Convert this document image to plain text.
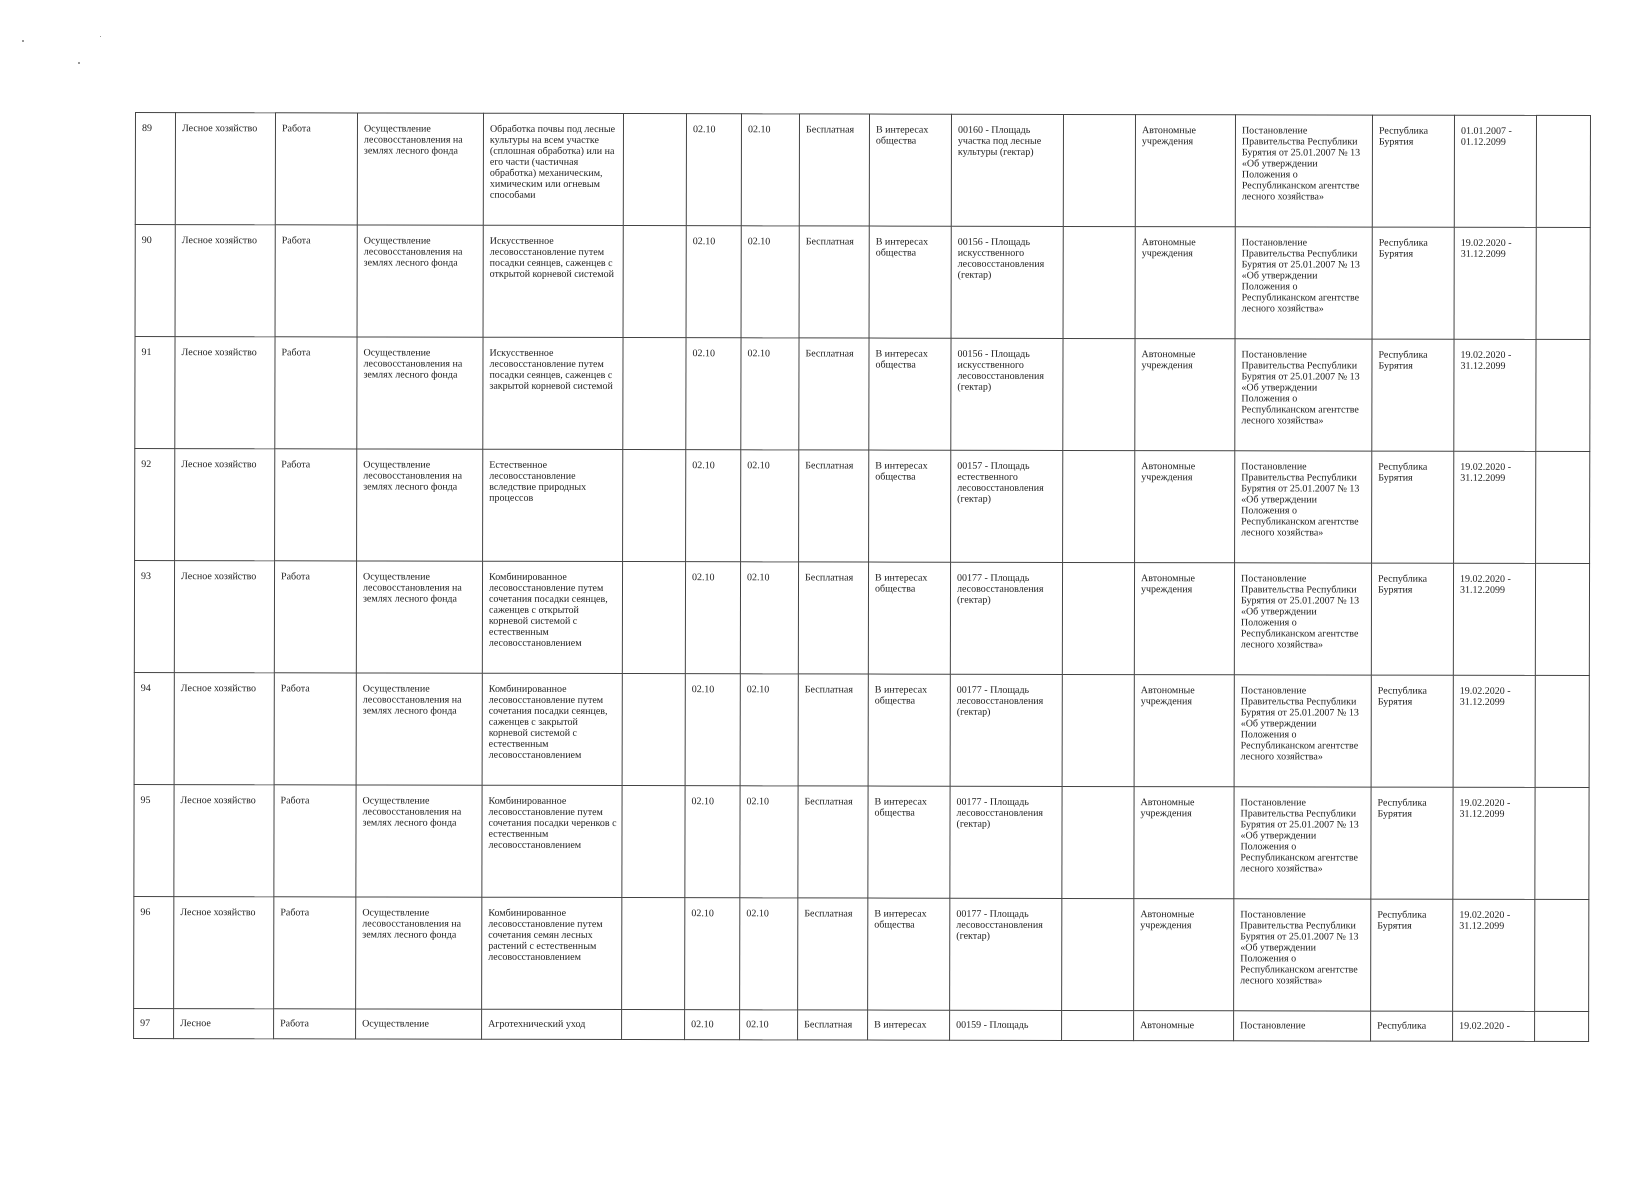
89	Лесное хозяйство	Работа	Осуществление лесовосстановления на землях лесного фонда	Обработка почвы под лесные культуры на всем участке (сплошная обработка) или на его части (частичная обработка) механическим, химическим или огневым способами		02.10	02.10	Бесплатная	В интересах общества	00160 - Площадь участка под лесные культуры (гектар)		Автономные учреждения	Постановление Правительства Республики Бурятия от 25.01.2007 № 13 «Об утверждении Положения о Республиканском агентстве лесного хозяйства»	Республика Бурятия	01.01.2007 - 01.12.2099	
90	Лесное хозяйство	Работа	Осуществление лесовосстановления на землях лесного фонда	Искусственное лесовосстановление путем посадки сеянцев, саженцев с открытой корневой системой		02.10	02.10	Бесплатная	В интересах общества	00156 - Площадь искусственного лесовосстановления (гектар)		Автономные учреждения	Постановление Правительства Республики Бурятия от 25.01.2007 № 13 «Об утверждении Положения о Республиканском агентстве лесного хозяйства»	Республика Бурятия	19.02.2020 - 31.12.2099	
91	Лесное хозяйство	Работа	Осуществление лесовосстановления на землях лесного фонда	Искусственное лесовосстановление путем посадки сеянцев, саженцев с закрытой корневой системой		02.10	02.10	Бесплатная	В интересах общества	00156 - Площадь искусственного лесовосстановления (гектар)		Автономные учреждения	Постановление Правительства Республики Бурятия от 25.01.2007 № 13 «Об утверждении Положения о Республиканском агентстве лесного хозяйства»	Республика Бурятия	19.02.2020 - 31.12.2099	
92	Лесное хозяйство	Работа	Осуществление лесовосстановления на землях лесного фонда	Естественное лесовосстановление вследствие природных процессов		02.10	02.10	Бесплатная	В интересах общества	00157 - Площадь естественного лесовосстановления (гектар)		Автономные учреждения	Постановление Правительства Республики Бурятия от 25.01.2007 № 13 «Об утверждении Положения о Республиканском агентстве лесного хозяйства»	Республика Бурятия	19.02.2020 - 31.12.2099	
93	Лесное хозяйство	Работа	Осуществление лесовосстановления на землях лесного фонда	Комбинированное лесовосстановление путем сочетания посадки сеянцев, саженцев с открытой корневой системой с естественным лесовосстановлением		02.10	02.10	Бесплатная	В интересах общества	00177 - Площадь лесовосстановления (гектар)		Автономные учреждения	Постановление Правительства Республики Бурятия от 25.01.2007 № 13 «Об утверждении Положения о Республиканском агентстве лесного хозяйства»	Республика Бурятия	19.02.2020 - 31.12.2099	
94	Лесное хозяйство	Работа	Осуществление лесовосстановления на землях лесного фонда	Комбинированное лесовосстановление путем сочетания посадки сеянцев, саженцев с закрытой корневой системой с естественным лесовосстановлением		02.10	02.10	Бесплатная	В интересах общества	00177 - Площадь лесовосстановления (гектар)		Автономные учреждения	Постановление Правительства Республики Бурятия от 25.01.2007 № 13 «Об утверждении Положения о Республиканском агентстве лесного хозяйства»	Республика Бурятия	19.02.2020 - 31.12.2099	
95	Лесное хозяйство	Работа	Осуществление лесовосстановления на землях лесного фонда	Комбинированное лесовосстановление путем сочетания посадки черенков с естественным лесовосстановлением		02.10	02.10	Бесплатная	В интересах общества	00177 - Площадь лесовосстановления (гектар)		Автономные учреждения	Постановление Правительства Республики Бурятия от 25.01.2007 № 13 «Об утверждении Положения о Республиканском агентстве лесного хозяйства»	Республика Бурятия	19.02.2020 - 31.12.2099	
96	Лесное хозяйство	Работа	Осуществление лесовосстановления на землях лесного фонда	Комбинированное лесовосстановление путем сочетания семян лесных растений с естественным лесовосстановлением		02.10	02.10	Бесплатная	В интересах общества	00177 - Площадь лесовосстановления (гектар)		Автономные учреждения	Постановление Правительства Республики Бурятия от 25.01.2007 № 13 «Об утверждении Положения о Республиканском агентстве лесного хозяйства»	Республика Бурятия	19.02.2020 - 31.12.2099	
97	Лесное	Работа	Осуществление	Агротехнический уход		02.10	02.10	Бесплатная	В интересах	00159 - Площадь		Автономные	Постановление	Республика	19.02.2020 -	
